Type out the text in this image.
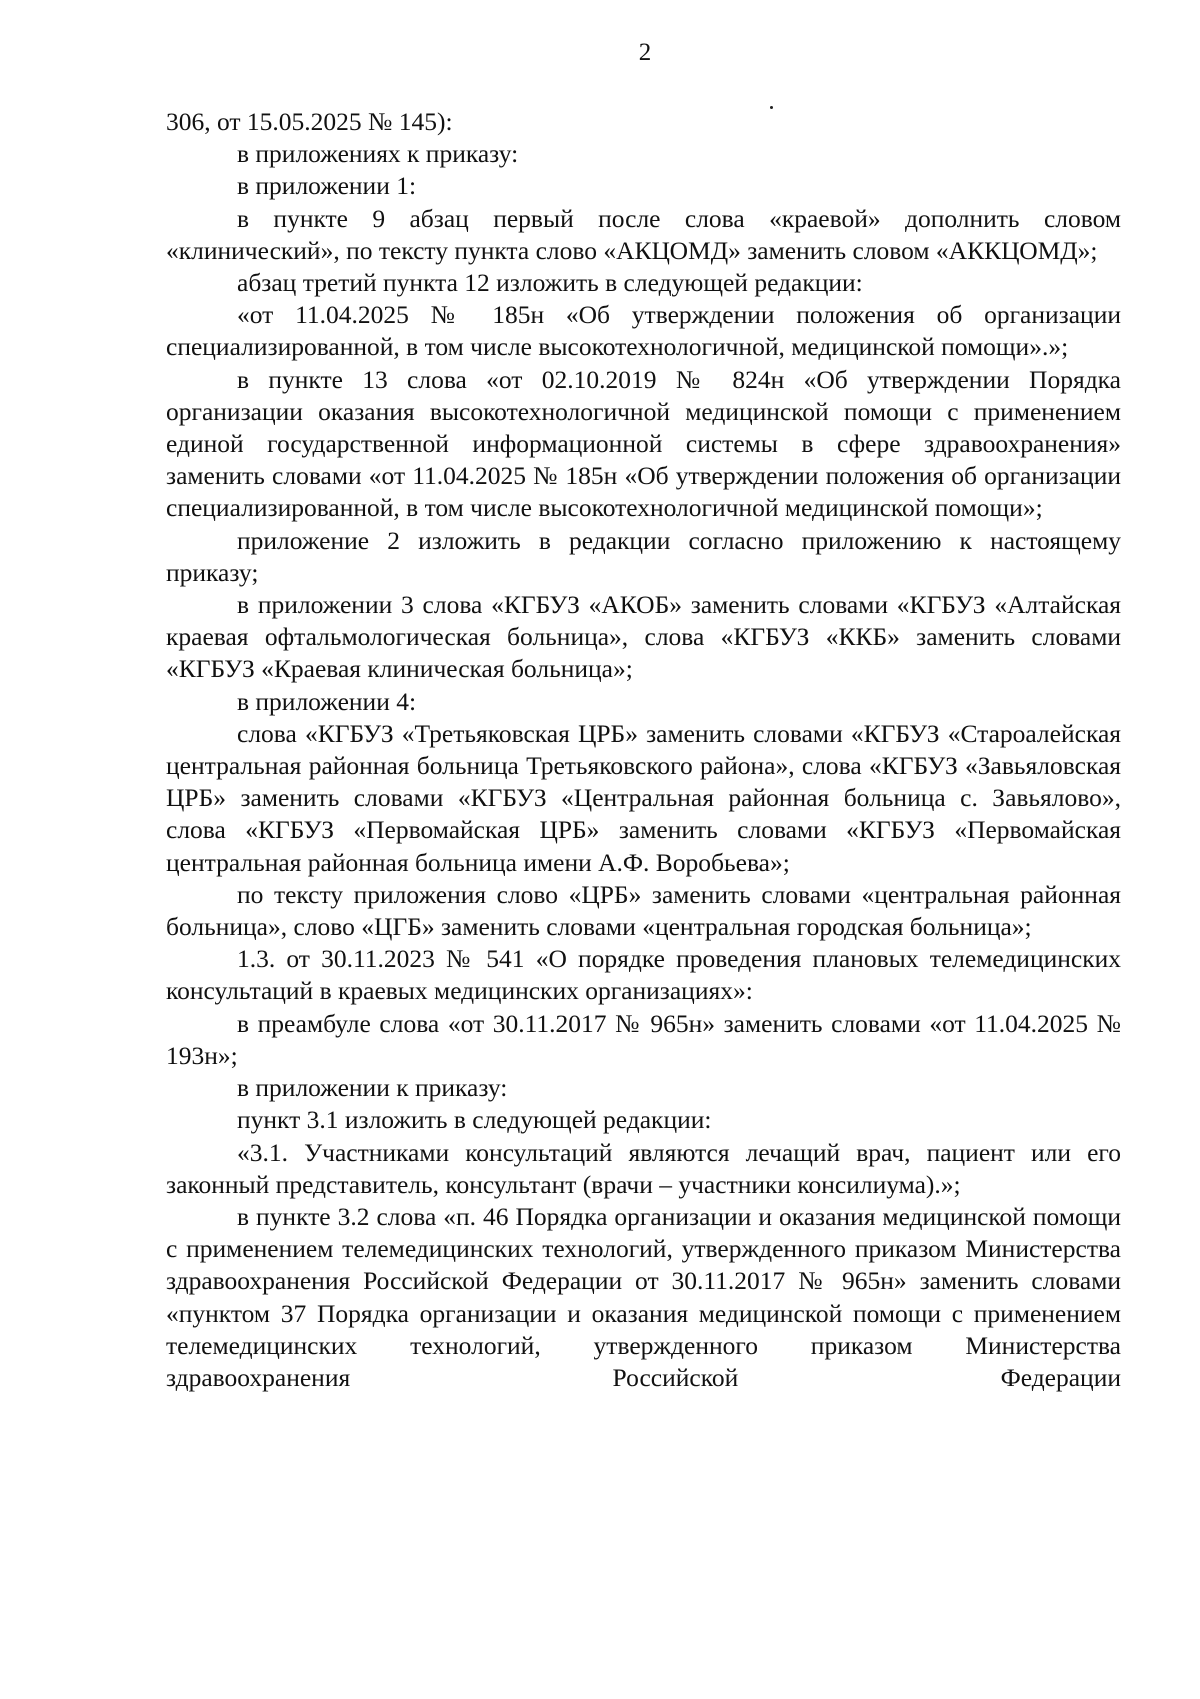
2

306, от 15.05.2025 № 145):

в приложениях к приказу:

в приложении 1:

в пункте 9 абзац первый после слова «краевой» дополнить словом «клинический», по тексту пункта слово «АКЦОМД» заменить словом «АККЦОМД»;

абзац третий пункта 12 изложить в следующей редакции:

«от 11.04.2025 № 185н «Об утверждении положения об организации специализированной, в том числе высокотехнологичной, медицинской помощи».»;

в пункте 13 слова «от 02.10.2019 № 824н «Об утверждении Порядка организации оказания высокотехнологичной медицинской помощи с применением единой государственной информационной системы в сфере здравоохранения» заменить словами «от 11.04.2025 № 185н «Об утверждении положения об организации специализированной, в том числе высокотехнологичной медицинской помощи»;

приложение 2 изложить в редакции согласно приложению к настоящему приказу;

в приложении 3 слова «КГБУЗ «АКОБ» заменить словами «КГБУЗ «Алтайская краевая офтальмологическая больница», слова «КГБУЗ «ККБ» заменить словами «КГБУЗ «Краевая клиническая больница»;

в приложении 4:

слова «КГБУЗ «Третьяковская ЦРБ» заменить словами «КГБУЗ «Староалейская центральная районная больница Третьяковского района», слова «КГБУЗ «Завьяловская ЦРБ» заменить словами «КГБУЗ «Центральная районная больница с. Завьялово», слова «КГБУЗ «Первомайская ЦРБ» заменить словами «КГБУЗ «Первомайская центральная районная больница имени А.Ф. Воробьева»;

по тексту приложения слово «ЦРБ» заменить словами «центральная районная больница», слово «ЦГБ» заменить словами «центральная городская больница»;

1.3. от 30.11.2023 № 541 «О порядке проведения плановых телемедицинских консультаций в краевых медицинских организациях»:

в преамбуле слова «от 30.11.2017 № 965н» заменить словами «от 11.04.2025 № 193н»;

в приложении к приказу:

пункт 3.1 изложить в следующей редакции:

«3.1. Участниками консультаций являются лечащий врач, пациент или его законный представитель, консультант (врачи – участники консилиума).»;

в пункте 3.2 слова «п. 46 Порядка организации и оказания медицинской помощи с применением телемедицинских технологий, утвержденного приказом Министерства здравоохранения Российской Федерации от 30.11.2017 № 965н» заменить словами «пунктом 37 Порядка организации и оказания медицинской помощи с применением телемедицинских технологий, утвержденного приказом Министерства здравоохранения Российской Федерации
